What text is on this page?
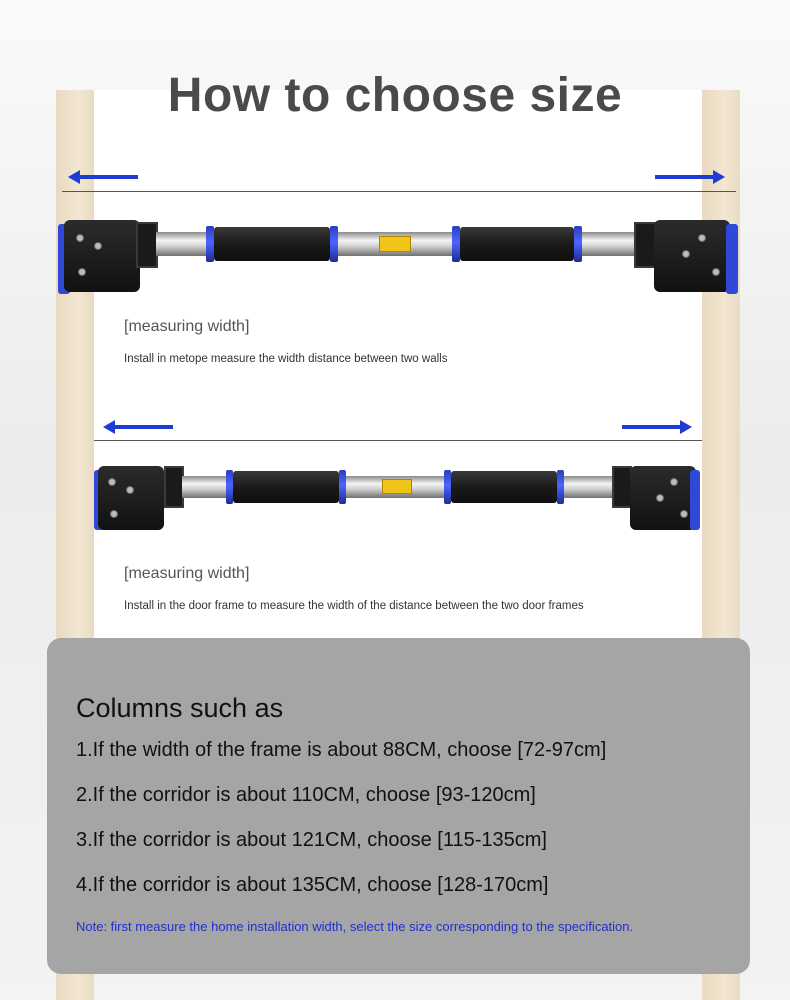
How to choose size
[measuring width]
Install in metope measure the width distance between two walls
[measuring width]
Install in the door frame to measure the width of the distance between the two door frames
Columns such as
1.If the width of the frame is about 88CM, choose [72-97cm]
2.If the corridor is about 110CM, choose [93-120cm]
3.If the corridor is about 121CM, choose [115-135cm]
4.If the corridor is about 135CM, choose [128-170cm]
Note: first measure the home installation width, select the size corresponding to the specification.
